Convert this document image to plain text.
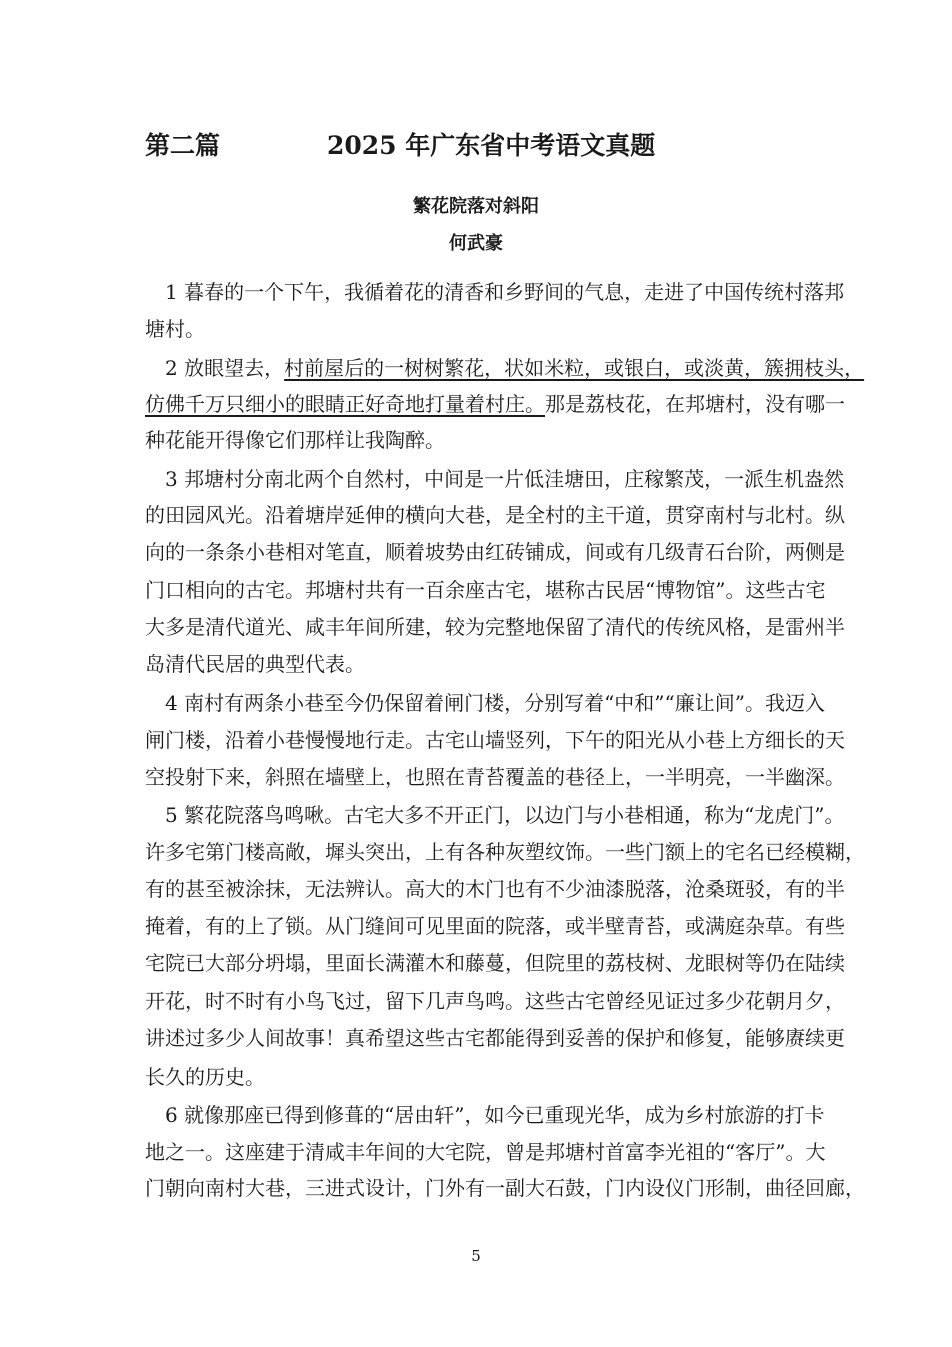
第二篇	2025 年广东省中考语文真题
繁花院落对斜阳
何武豪
1 暮春的一个下午，我循着花的清香和乡野间的气息，走进了中国传统村落邦
塘村。
2 放眼望去，村前屋后的一树树繁花，状如米粒，或银白，或淡黄，簇拥枝头，
仿佛千万只细小的眼睛正好奇地打量着村庄。那是荔枝花，在邦塘村，没有哪一
种花能开得像它们那样让我陶醉。
3 邦塘村分南北两个自然村，中间是一片低洼塘田，庄稼繁茂，一派生机盎然
的田园风光。沿着塘岸延伸的横向大巷，是全村的主干道，贯穿南村与北村。纵
向的一条条小巷相对笔直，顺着坡势由红砖铺成，间或有几级青石台阶，两侧是
门口相向的古宅。邦塘村共有一百余座古宅，堪称古民居“博物馆”。这些古宅
大多是清代道光、咸丰年间所建，较为完整地保留了清代的传统风格，是雷州半
岛清代民居的典型代表。
4 南村有两条小巷至今仍保留着闸门楼，分别写着“中和”“廉让间”。我迈入
闸门楼，沿着小巷慢慢地行走。古宅山墙竖列，下午的阳光从小巷上方细长的天
空投射下来，斜照在墙壁上，也照在青苔覆盖的巷径上，一半明亮，一半幽深。
5 繁花院落鸟鸣啾。古宅大多不开正门，以边门与小巷相通，称为“龙虎门”。
许多宅第门楼高敞，墀头突出，上有各种灰塑纹饰。一些门额上的宅名已经模糊，
有的甚至被涂抹，无法辨认。高大的木门也有不少油漆脱落，沧桑斑驳，有的半
掩着，有的上了锁。从门缝间可见里面的院落，或半壁青苔，或满庭杂草。有些
宅院已大部分坍塌，里面长满灌木和藤蔓，但院里的荔枝树、龙眼树等仍在陆续
开花，时不时有小鸟飞过，留下几声鸟鸣。这些古宅曾经见证过多少花朝月夕，
讲述过多少人间故事！真希望这些古宅都能得到妥善的保护和修复，能够赓续更
长久的历史。
6 就像那座已得到修葺的“居由轩”，如今已重现光华，成为乡村旅游的打卡
地之一。这座建于清咸丰年间的大宅院，曾是邦塘村首富李光祖的“客厅”。大
门朝向南村大巷，三进式设计，门外有一副大石鼓，门内设仪门形制，曲径回廊，
5
